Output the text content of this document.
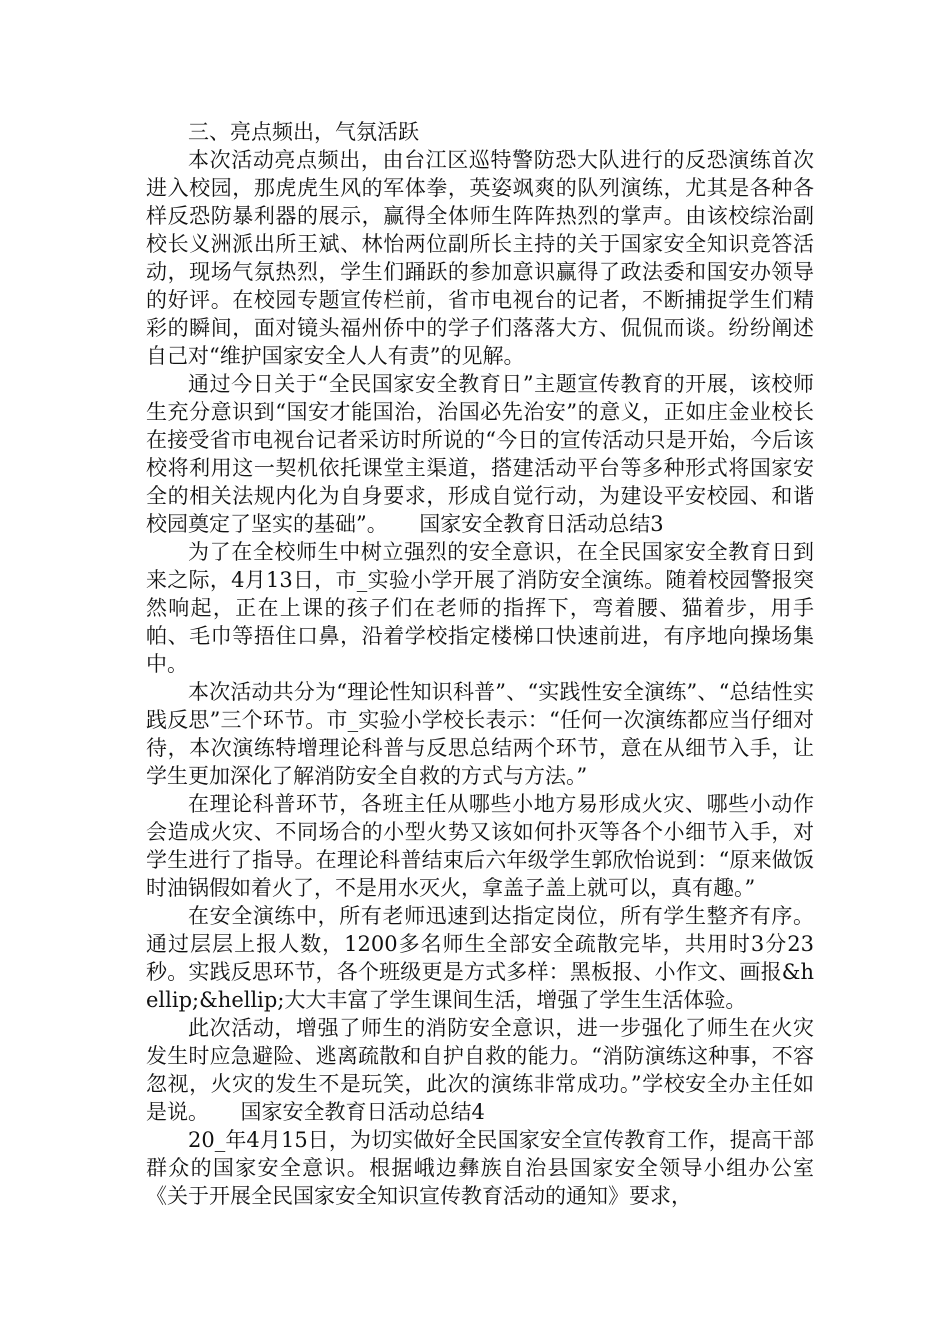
三、亮点频出，气氛活跃

本次活动亮点频出，由台江区巡特警防恐大队进行的反恐演练首次进入校园，那虎虎生风的军体拳，英姿飒爽的队列演练，尤其是各种各样反恐防暴利器的展示，赢得全体师生阵阵热烈的掌声。由该校综治副校长义洲派出所王斌、林怡两位副所长主持的关于国家安全知识竞答活动，现场气氛热烈，学生们踊跃的参加意识赢得了政法委和国安办领导的好评。在校园专题宣传栏前，省市电视台的记者，不断捕捉学生们精彩的瞬间，面对镜头福州侨中的学子们落落大方、侃侃而谈。纷纷阐述自己对“维护国家安全人人有责”的见解。

通过今日关于“全民国家安全教育日”主题宣传教育的开展，该校师生充分意识到“国安才能国治，治国必先治安”的意义，正如庄金业校长在接受省市电视台记者采访时所说的“今日的宣传活动只是开始，今后该校将利用这一契机依托课堂主渠道，搭建活动平台等多种形式将国家安全的相关法规内化为自身要求，形成自觉行动，为建设平安校园、和谐校园奠定了坚实的基础”。　　国家安全教育日活动总结3

为了在全校师生中树立强烈的安全意识，在全民国家安全教育日到来之际，4月13日，市_实验小学开展了消防安全演练。随着校园警报突然响起，正在上课的孩子们在老师的指挥下，弯着腰、猫着步，用手帕、毛巾等捂住口鼻，沿着学校指定楼梯口快速前进，有序地向操场集中。

本次活动共分为“理论性知识科普”、“实践性安全演练”、“总结性实践反思”三个环节。市_实验小学校长表示：“任何一次演练都应当仔细对待，本次演练特增理论科普与反思总结两个环节，意在从细节入手，让学生更加深化了解消防安全自救的方式与方法。”

在理论科普环节，各班主任从哪些小地方易形成火灾、哪些小动作会造成火灾、不同场合的小型火势又该如何扑灭等各个小细节入手，对学生进行了指导。在理论科普结束后六年级学生郭欣怡说到：“原来做饭时油锅假如着火了，不是用水灭火，拿盖子盖上就可以，真有趣。”

在安全演练中，所有老师迅速到达指定岗位，所有学生整齐有序。通过层层上报人数，1200多名师生全部安全疏散完毕，共用时3分23秒。实践反思环节，各个班级更是方式多样：黑板报、小作文、画报&hellip;&hellip;大大丰富了学生课间生活，增强了学生生活体验。

此次活动，增强了师生的消防安全意识，进一步强化了师生在火灾发生时应急避险、逃离疏散和自护自救的能力。“消防演练这种事，不容忽视，火灾的发生不是玩笑，此次的演练非常成功。”学校安全办主任如是说。　　国家安全教育日活动总结4

20_年4月15日，为切实做好全民国家安全宣传教育工作，提高干部群众的国家安全意识。根据峨边彝族自治县国家安全领导小组办公室《关于开展全民国家安全知识宣传教育活动的通知》要求，
